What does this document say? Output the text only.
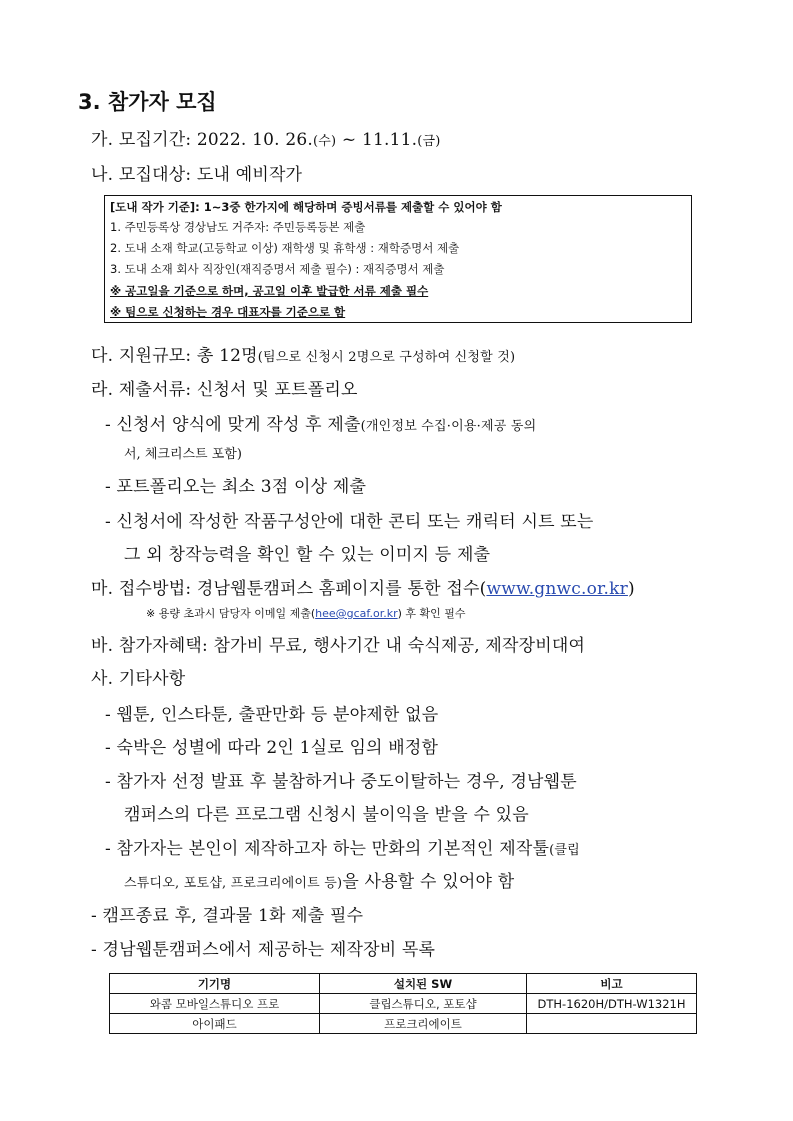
3. 참가자 모집
가. 모집기간: 2022. 10. 26.(수) ~ 11.11.(금)
나. 모집대상: 도내 예비작가
[도내 작가 기준]: 1~3중 한가지에 해당하며 증빙서류를 제출할 수 있어야 함
1. 주민등록상 경상남도 거주자: 주민등록등본 제출
2. 도내 소재 학교(고등학교 이상) 재학생 및 휴학생 : 재학증명서 제출
3. 도내 소재 회사 직장인(재직증명서 제출 필수) : 재직증명서 제출
※ 공고일을 기준으로 하며, 공고일 이후 발급한 서류 제출 필수
※ 팀으로 신청하는 경우 대표자를 기준으로 함
다. 지원규모: 총 12명(팀으로 신청시 2명으로 구성하여 신청할 것)
라. 제출서류: 신청서 및 포트폴리오
- 신청서 양식에 맞게 작성 후 제출(개인정보 수집·이용·제공 동의
서, 체크리스트 포함)
- 포트폴리오는 최소 3점 이상 제출
- 신청서에 작성한 작품구성안에 대한 콘티 또는 캐릭터 시트 또는
그 외 창작능력을 확인 할 수 있는 이미지 등 제출
마. 접수방법: 경남웹툰캠퍼스 홈페이지를 통한 접수(www.gnwc.or.kr)
※ 용량 초과시 담당자 이메일 제출(hee@gcaf.or.kr) 후 확인 필수
바. 참가자혜택: 참가비 무료, 행사기간 내 숙식제공, 제작장비대여
사. 기타사항
- 웹툰, 인스타툰, 출판만화 등 분야제한 없음
- 숙박은 성별에 따라 2인 1실로 임의 배정함
- 참가자 선정 발표 후 불참하거나 중도이탈하는 경우, 경남웹툰
캠퍼스의 다른 프로그램 신청시 불이익을 받을 수 있음
- 참가자는 본인이 제작하고자 하는 만화의 기본적인 제작툴(클립
스튜디오, 포토샵, 프로크리에이트 등)을 사용할 수 있어야 함
- 캠프종료 후, 결과물 1화 제출 필수
- 경남웹툰캠퍼스에서 제공하는 제작장비 목록
기기명	설치된 SW	비고
와콤 모바일스튜디오 프로	클립스튜디오, 포토샵	DTH-1620H/DTH-W1321H
아이패드	프로크리에이트	
